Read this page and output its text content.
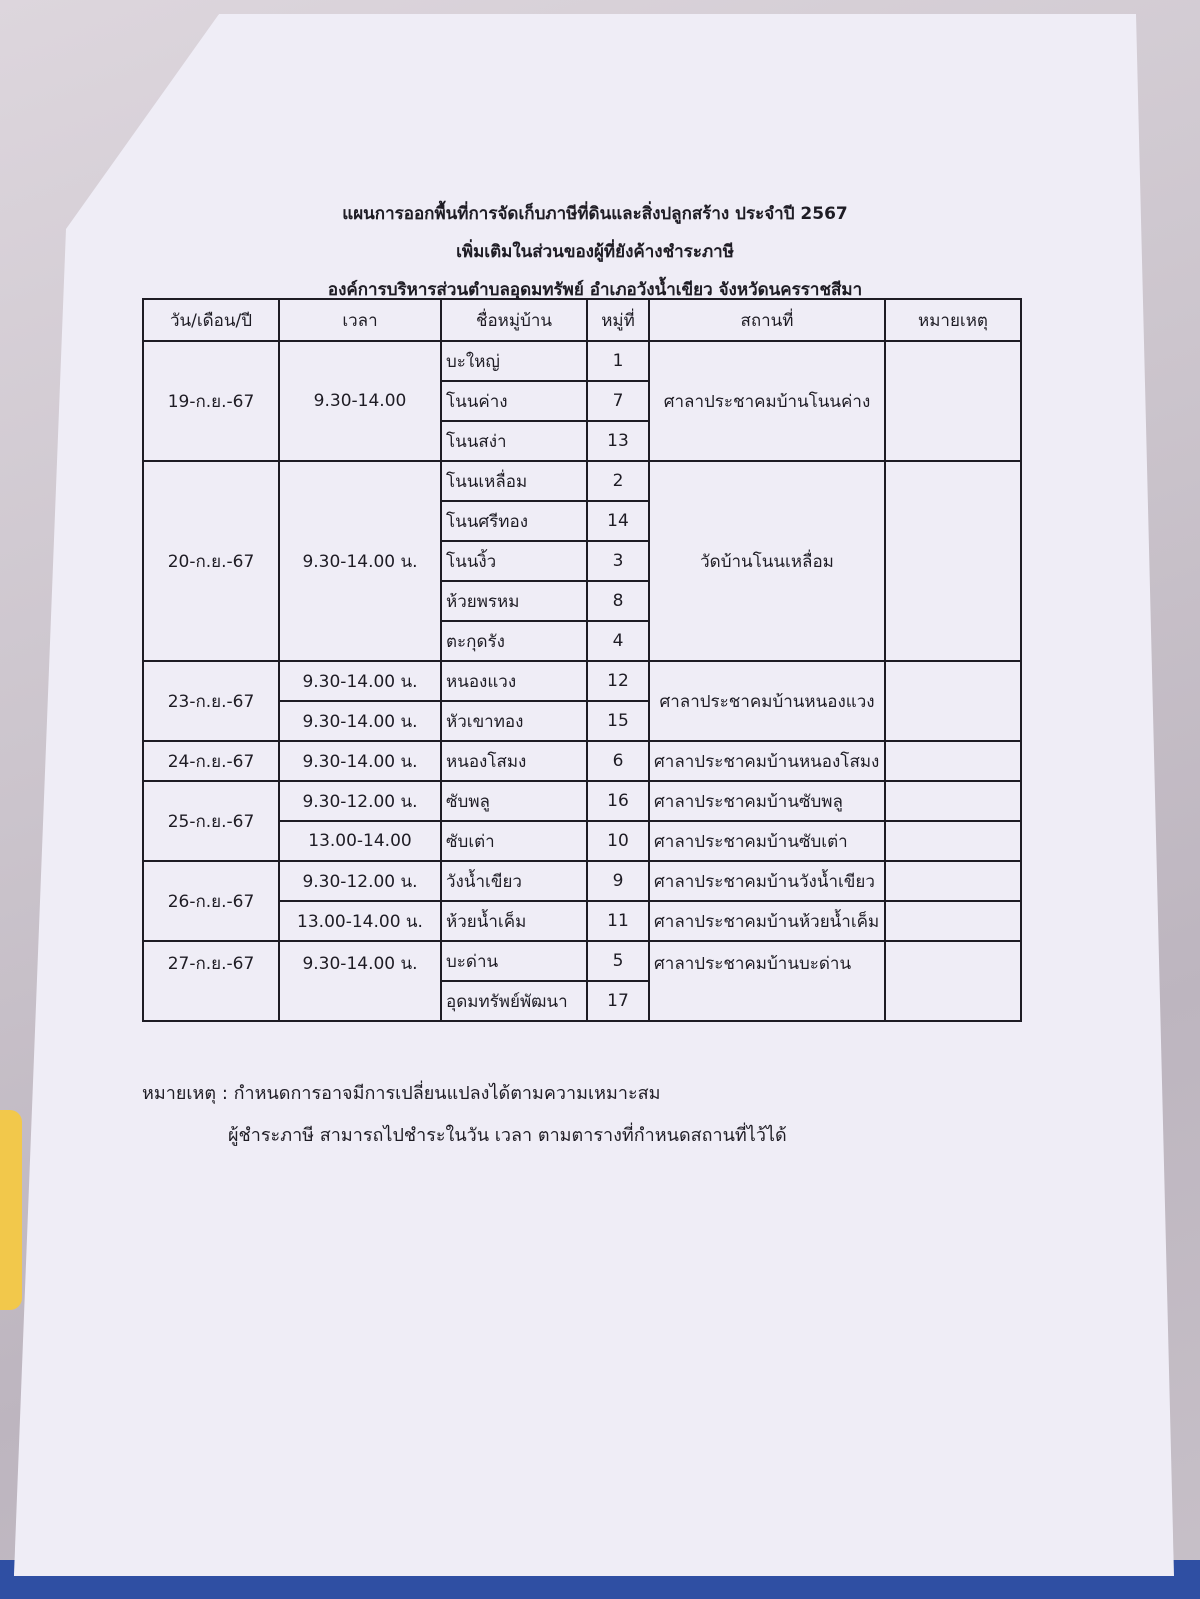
แผนการออกพื้นที่การจัดเก็บภาษีที่ดินและสิ่งปลูกสร้าง ประจำปี 2567
เพิ่มเติมในส่วนของผู้ที่ยังค้างชำระภาษี
องค์การบริหารส่วนตำบลอุดมทรัพย์ อำเภอวังน้ำเขียว จังหวัดนครราชสีมา
วัน/เดือน/ปี	เวลา	ชื่อหมู่บ้าน	หมู่ที่	สถานที่	หมายเหตุ
19-ก.ย.-67	9.30-14.00	บะใหญ่	1	ศาลาประชาคมบ้านโนนค่าง	
		โนนค่าง	7		
		โนนสง่า	13		
20-ก.ย.-67	9.30-14.00 น.	โนนเหลื่อม	2	วัดบ้านโนนเหลื่อม	
		โนนศรีทอง	14		
		โนนงิ้ว	3		
		ห้วยพรหม	8		
		ตะกุดรัง	4		
23-ก.ย.-67	9.30-14.00 น.	หนองแวง	12	ศาลาประชาคมบ้านหนองแวง	
	9.30-14.00 น.	หัวเขาทอง	15		
24-ก.ย.-67	9.30-14.00 น.	หนองโสมง	6	ศาลาประชาคมบ้านหนองโสมง	
25-ก.ย.-67	9.30-12.00 น.	ซับพลู	16	ศาลาประชาคมบ้านซับพลู	
	13.00-14.00	ซับเต่า	10	ศาลาประชาคมบ้านซับเต่า	
26-ก.ย.-67	9.30-12.00 น.	วังน้ำเขียว	9	ศาลาประชาคมบ้านวังน้ำเขียว	
	13.00-14.00 น.	ห้วยน้ำเค็ม	11	ศาลาประชาคมบ้านห้วยน้ำเค็ม	
27-ก.ย.-67	9.30-14.00 น.	บะด่าน	5	ศาลาประชาคมบ้านบะด่าน	
		อุดมทรัพย์พัฒนา	17		
หมายเหตุ : กำหนดการอาจมีการเปลี่ยนแปลงได้ตามความเหมาะสม
ผู้ชำระภาษี สามารถไปชำระในวัน เวลา ตามตารางที่กำหนดสถานที่ไว้ได้
